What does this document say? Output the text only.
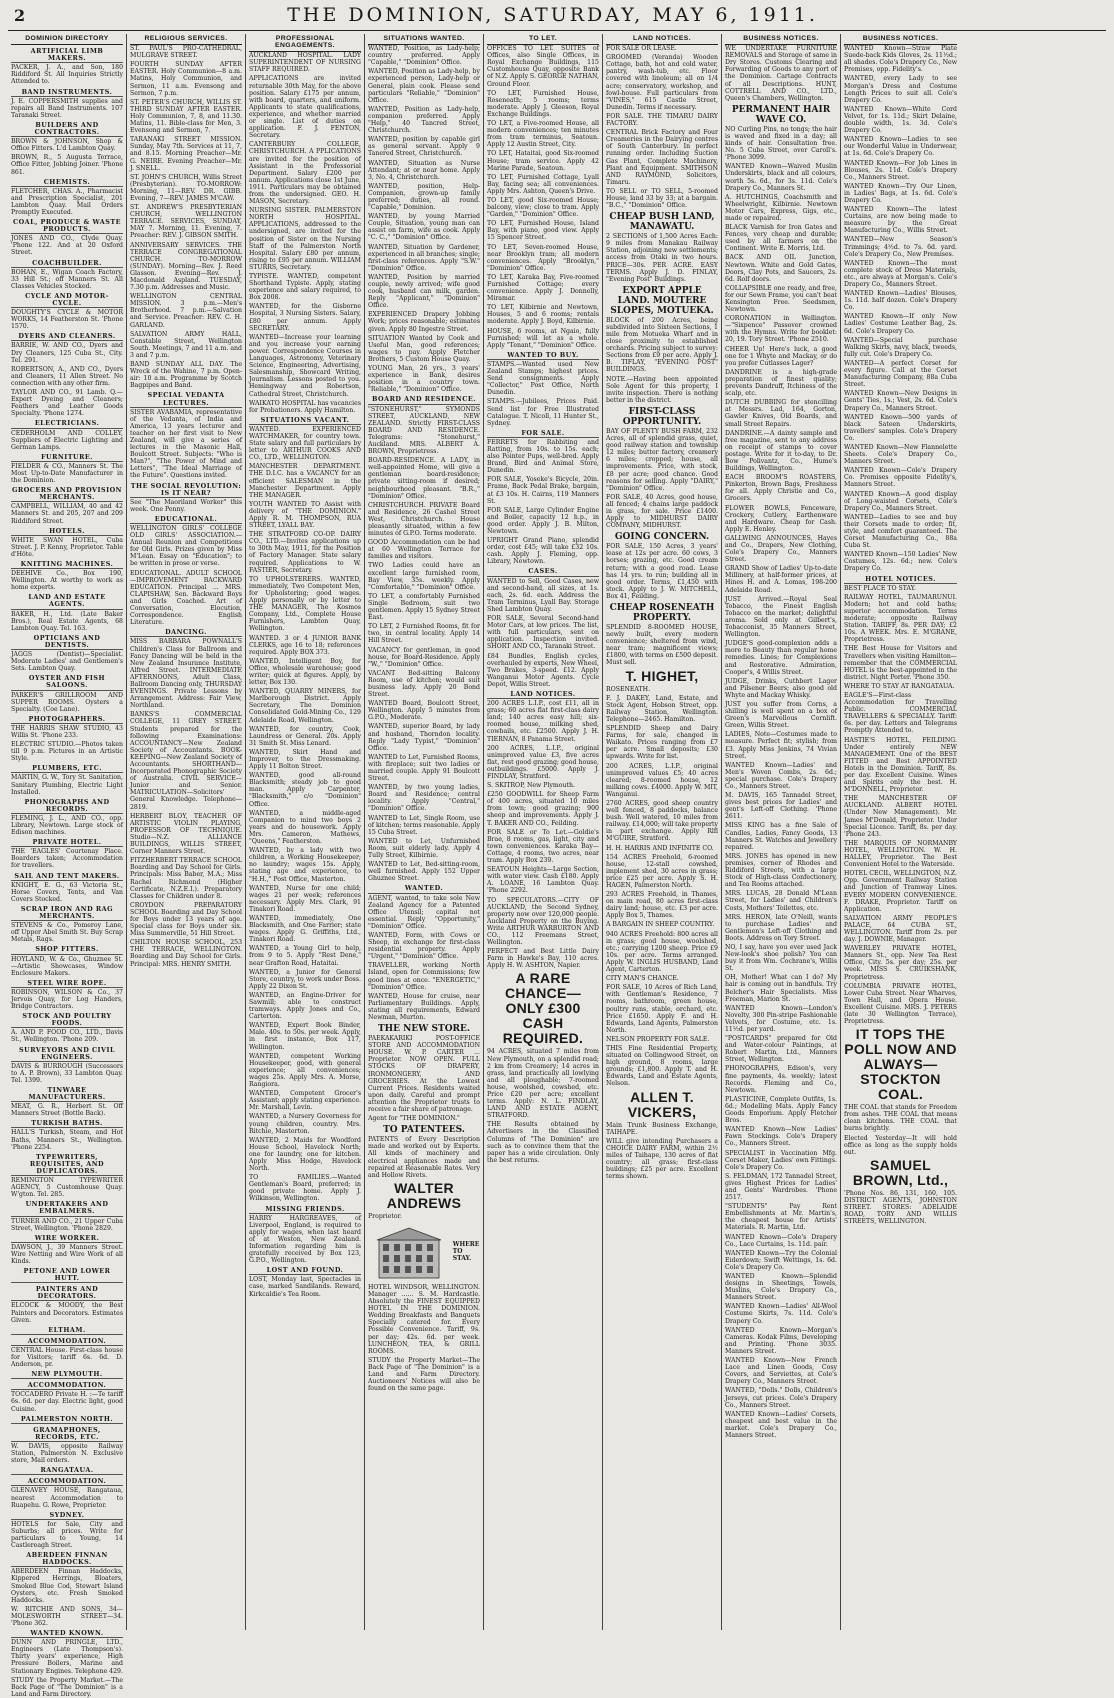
2	THE DOMINION, SATURDAY, MAY 6, 1911.
DOMINION DIRECTORY
ARTIFICIAL LIMB MAKERS.
PACKER, J. A., and Son, 180 Riddiford St. All Inquiries Strictly Attended to.
BAND INSTRUMENTS.
J. E. COPPERSMITH supplies and repairs all Band Instruments. 107 Taranaki Street.
BUILDERS AND CONTRACTORS.
BROWN & JOHNSON, Shop & Office Fitters. L'd Lambton Quay.
BROWN, R., 5 Augusta Terrace, Office Fitter, Jobbing Joiner. 'Phone 861.
CHEMISTS.
FLETCHER, CHAS. A., Pharmacist and Prescription Specialist, 201 Lambton Quay. Mail Orders Promptly Executed.
COAL, PRODUCE & WASTE PRODUCTS.
JONES AND CO., Clyde Quay. 'Phone 122. And at 20 Oxford Street.
COACHBUILDER.
BOHAN, E., Wigan Coach Factory, 33 Hill St.; off Manners St. All Classes Vehicles Stocked.
CYCLE AND MOTOR-CYCLE.
DOUGHTY'S CYCLE & MOTOR WORKS, 14 Featherston St. 'Phone 1570.
DYERS AND CLEANERS.
BARRIE, W. AND CO., Dyers and Dry Cleaners, 125 Cuba St., City. Tel. 291.
ROBERTSON, A., AND CO., Dyers and Cleaners, 11 Allen Street. No connection with any other firm.
TAYLOR AND CO., 91 Lamb. Q.—Expert Dyeing and Cleaners; Feathers and Leather Goods Specialty. 'Phone 1274.
ELECTRICIANS.
CEDERHOLM AND COLLEY, Suppliers of Electric Lighting and German Lamps.
FURNITURE.
FIELDER & CO., Manners St. The Most Up-to-Date Manufacturer in the Dominion.
GROCERS AND PROVISION MERCHANTS.
CAMPBELL, WILLIAM, 40 and 42 Manners St. and 205, 207 and 209 Riddiford Street.
HOTELS.
WHITE SWAN HOTEL, Cuba Street. J. P. Kenny, Proprietor. Table d'Hôte.
KNITTING MACHINES.
DEEHIVE Co., Box 190, Wellington. At worthy to work as home experts.
LAND AND ESTATE AGENTS.
BAKER, H., Ltd. (Late Baker Bros.), Real Estate Agents, 68 Lambton Quay. Tel. 163.
OPTICIANS AND DENTISTS.
JAGGS (Dentist)—Specialist. Moderate Ladies' and Gentlemen's Sets. Lambton Quay.
OYSTER AND FISH SALOONS.
PARKER'S GRILLROOM AND SUPPER ROOMS. Oysters a Specialty. (Coe Lane).
PHOTOGRAPHERS.
THE HARRIS SHAW STUDIO, 43 Willis St. 'Phone 233.
ELECTRIC STUDIO.—Photos taken till 9 p.m. Pictures in an Artistic Style.
PLUMBERS, ETC.
MARTIN, G. W., Tory St. Sanitation, Sanitary Plumbing, Electric Light Installed.
PHONOGRAPHS AND RECORDS.
FLEMING, J. L., AND CO., opp. Library, Newtown. Large stock of Edison machines.
PRIVATE HOTEL.
THE 'EAGLES' Courtenay Place. Boarders taken; Accommodation for travellers.
SAIL AND TENT MAKERS.
KNIGHT, E. G., 63 Victoria St., Horse Covers, Tents, and Van Covers Stocked.
SCRAP IRON AND RAG MERCHANTS.
STEVENS & Co., Pomeroy Lane, off Upper Abel Smith St. Buy Scrap Metals, Rags.
SHOP FITTERS.
HOYLAND, W. & Co., Ghuznee St.—Artistic Showcases, Window Enclosure Makers.
STEEL WIRE ROPE.
ROBINSON, WILSON & Co., 37 Jervois Quay, for Log Handers, Bridge Contractors.
STOCK AND POULTRY FOODS.
A. AND P. FOOD CO., LTD., Davis St., Wellington. 'Phone 209.
SURVEYORS AND CIVIL ENGINEERS.
DAVIS & BURROUGH (Successors to A. P. Brown), 33 Lambton Quay. Tel. 1399.
TINWARE MANUFACTURERS.
MEAT, G. R., Herbert St. Off Manners Street (Bottle Back).
TURKISH BATHS.
HALL'S Turkish, Steam, and Hot Baths, Manners St., Wellington. 'Phone 2254.
TYPEWRITERS, REQUISITES, AND DUPLICATORS.
REMINGTON TYPEWRITER AGENCY, 5 Customhouse Quay. W'gton. Tel. 285.
UNDERTAKERS AND EMBALMERS.
TURNER AND CO., 21 Upper Cuba Street, Wellington. 'Phone 2829.
WIRE WORKER.
DAWSON, J., 39 Manners Street. Wire Netting and Wire Work of all Kinds.
PETONE AND LOWER HUTT.
PAINTERS AND DECORATORS.
ELCOCK & MOODY, the Best Painters and Decorators. Estimates Given.
ELTHAM.
ACCOMMODATION.
CENTRAL House. First-class house for Visitors; tariff 6s. 6d. D. Anderson, pr.
NEW PLYMOUTH.
ACCOMMODATION.
TOCCADERO Private H. :—Te tariff 6s. 6d. per day. Electric light, good Cuisine.
PALMERSTON NORTH.
GRAMAPHONES, RECORDS, ETC.
W. DAVIS, opposite Railway Station, Palmerston N. Exclusive store, Mail orders.
RANGATAUA.
ACCOMMODATION.
GLENAVEY HOUSE, Rangataua, nearest Accommodation to Ruapehu. G. Rowe, Proprietor.
SYDNEY.
HOTELS for Sale, City and Suburbs; all prices. Write for particulars to Young, 14 Castlereagh Street.
ABERDEEN FINNAN HADDOCKS.
ABERDEEN Finnan Haddocks, Kippered Herrings, Bloaters, Smoked Blue Cod, Stewart Island Oysters, etc. Fresh Smoked Haddocks.
W. RITCHIE AND SONS, 34—MOLESWORTH STREET—34. 'Phone 362.
WANTED KNOWN.
DUNN AND PRINGLE, LTD., Engineers (Late Thompson's). Thirty years' experience, High Pressure Boilers, Marine and Stationary Engines. Telephone 429.
STUDY the Property Market.—The Back Page of "The Dominion" is a Land and Farm Directory.
RELIGIOUS SERVICES.
ST. PAUL'S PRO-CATHEDRAL, MULGRAVE STREET.
FOURTH SUNDAY AFTER EASTER. Holy Communion—8 a.m. Matins, Holy Communion, and Sermon, 11 a.m. Evensong and Sermon, 7 p.m.
ST. PETER'S CHURCH, WILLIS ST. THIRD SUNDAY AFTER EASTER. Holy Communion, 7, 8, and 11.30. Matins, 11. Bible-class for Men, 3. Evensong and Sermon, 7.
TARANAKI STREET MISSION. Sunday, May 7th. Services at 11, 7, and 8.15. Morning Preacher—Mr. G. NEIRE. Evening Preacher—Mr. J. SNELL.
ST. JOHN'S CHURCH, Willis Street (Presbyterian). TO-MORROW: Morning, 11—REV. DR. GIBB. Evening, 7—REV. JAMES M'CAW.
ST. ANDREW'S PRESBYTERIAN CHURCH, WELLINGTON TERRACE. SERVICES, SUNDAY, MAY 7. Morning, 11. Evening, 7. Preacher: REV. J. GIBSON SMITH.
ANNIVERSARY SERVICES. THE TERRACE CONGREGATIONAL CHURCH. TO-MORROW (SUNDAY). Morning—Rev. J. Reed Glasson. Evening—Rev. J. Macdonald Aspland. TUESDAY, 7.30 p.m. Addresses and Music.
WELLINGTON CENTRAL MISSION. 3 p.m.—Men's Brotherhood. 7 p.m.—Salvation and Service. Preacher: REV. C. H. GARLAND.
SALVATION ARMY HALL, Constable Street, Wellington South. Meetings, 7 and 11 a.m. and 3 and 7 p.m.
BAND SUNDAY ALL DAY. The Wreck of the Wahine, 7 p.m. Open-air: 10 a.m. Programme by Scotch Bagpipes and Band.
SPECIAL VEDANTA LECTURES.
SISTER AVABAMIA, representative of the Vedanta, of India and America, 13 years lecturer and teacher on her first visit to New Zealand, will give a series of lectures in the Masonic Hall, Boulcott Street. Subjects: "Who is Man?", "The Power of Mind and Letters", "The Ideal Marriage of the Future". Questions invited.
THE SOCIAL REVOLUTION: IS IT NEAR?
See "The Maoriland Worker" this week. One Penny.
EDUCATIONAL.
WELLINGTON GIRLS' COLLEGE OLD GIRLS' ASSOCIATION.—Annual Reunion and Competitions for Old Girls. Prizes given by Miss M'Lean. Essay on "Education"; to be written in prose or verse.
EDUCATIONAL. ADULT SCHOOL—IMPROVEMENT BACKWARD EDUCATION. Principal ... MRS. CLAPISHAW, Sen. Backward Boys and Girls Coached. Art of Conversation, Elocution, Correspondence. English Literature.
DANCING.
MISS BARBARA POWNALL'S Children's Class for Ballroom and Fancy Dancing will be held in the New Zealand Insurance Institute, Alfred Street. INTERMEDIATE AFTERNOONS, Adult Class, Ballroom Dancing only, THURSDAY EVENINGS. Private Lessons by Arrangement. Address: Fair View, Northland.
BANKS'S COMMERCIAL COLLEGE, 11 GREY STREET. Students prepared for the following Examinations: ACCOUNTANCY—New Zealand Society of Accountants. BOOK-KEEPING—New Zealand Society of Accountants. SHORTHAND—Incorporated Phonographic Society of Australia. CIVIL SERVICE—Junior and Senior. MATRICULATION—Solicitors' General Knowledge. Telephone—2819.
HERBERT BLOY, TEACHER OF ARTISTIC VIOLIN PLAYING, PROFESSOR OF TECHNIQUE. Studio—N.Z. ALLIANCE BUILDINGS, WILLIS STREET, Corner Manners Street.
FITZHERBERT TERRACE SCHOOL Boarding and Day School for Girls. Principals: Miss Baber, M.A.; Miss Rachel Richmond (Higher Certificate, N.Z.E.I.). Preparatory Classes for Children under 8.
CROYDON PREPARATORY SCHOOL Boarding and Day School for Boys under 13 years of age. Special class for Boys under six. Miss Summerville, 51 Hill Street.
CHILTON HOUSE SCHOOL, 253 THE TERRACE, WELLINGTON. Boarding and Day School for Girls. Principal: MRS. HENRY SMITH.
PROFESSIONAL ENGAGEMENTS.
AUCKLAND HOSPITAL. LADY SUPERINTENDENT OF NURSING STAFF REQUIRED.
APPLICATIONS are invited returnable 30th May, for the above position. Salary £175 per annum, with board, quarters, and uniform. Applicants to state qualifications, experience, and whether married or single. List of duties on application. F. J. FENTON, Secretary.
CANTERBURY COLLEGE, CHRISTCHURCH. A PPLICATIONS are invited for the position of Assistant in the Professorial Department. Salary £200 per annum. Applications close 1st June, 1911. Particulars may be obtained from the undersigned. GEO. H. MASON, Secretary.
NURSING SISTER. PALMERSTON NORTH HOSPITAL. APPLICATIONS, addressed to the undersigned, are invited for the position of Sister on the Nursing Staff of the Palmerston North Hospital. Salary £80 per annum, rising to £95 per annum. WILLIAM STURRS, Secretary.
TYPISTE. WANTED, competent Shorthand Typiste. Apply, stating experience and salary required, to Box 2008.
WANTED, for the Gisborne Hospital, 3 Nursing Sisters. Salary, £80 per annum. Apply SECRETARY.
WANTED—Increase your learning and you increase your earning power. Correspondence Courses in Languages, Astronomy, Veterinary Science, Engineering, Advertising, Salesmanship, Showcard Writing, Journalism. Lessons posted to you. Hemingway and Robertson, Cathedral Street, Christchurch.
WAIKATO HOSPITAL has vacancies for Probationers. Apply Hamilton.
SITUATIONS VACANT.
WANTED. EXPERIENCED WATCHMAKER, for country town. State salary and full particulars by letter to ARTHUR COOKS AND CO., LTD., WELLINGTON.
MANCHESTER DEPARTMENT. THE D.I.C. has a VACANCY for an efficient SALESMAN in the Manchester Department. Apply THE MANAGER.
YOUTH WANTED TO Assist with delivery of "THE DOMINION." Apply R. M. THOMPSON, RUA STREET, LYALL BAY.
THE STRATFORD CO-OP. DAIRY CO., LTD.—Invites applications up to 30th May, 1911, for the Position of Factory Manager. State salary required. Applications to W. FASTIER, Secretary.
TO UPHOLSTERERS. WANTED, immediately, Two Competent Men, for Upholstering; good wages. Apply personally or by letter to THE MANAGER, The Kosmos Company, Ltd., Complete House Furnishers, Lambton Quay, Wellington.
WANTED. 3 or 4 JUNIOR BANK CLERKS, age 16 to 18; references required. Apply BOX 373.
WANTED, Intelligent Boy, for Office, wholesale warehouse; good writer; quick at figures. Apply, by letter, Box 130.
WANTED, QUARRY MINERS, for Marlborough District. Apply Secretary, The Dominion Consolidated Gold-Mining Co., 129 Adelaide Road, Wellington.
WANTED, for country, Cook, Laundress or General. 20s. Apply 31 Smith St. Miss Lenard.
WANTED, Skirt Hand and Improver, to the Dressmaking. Apply 11 Bolton Street.
WANTED, good all-round Blacksmith; steady job to good man. Apply Carpenter, "Blacksmith," c/o "Dominion" Office.
WANTED, a middle-aged Companion to mind two boys 2 years and do housework. Apply Mrs. Cameron, Mathews, "Queens," Featherston.
WANTED, by a lady with two children, a Working Housekeeper; no laundry; wages 15s. Apply, stating age and experience, to "H.H.," Post Office, Masterton.
WANTED, Nurse for one child; wages 21 per week; references necessary. Apply Mrs. Clark, 91 Tinakori Road.
WANTED, immediately, One Blacksmith, and One Farrier; state wages. Apply G. Griffiths, Ltd., Tinakori Road.
WANTED, a Young Girl to help, from 9 to 5. Apply "Rest Dene," near Grafton Road, Hataitai.
WANTED, a Junior for General Store, country, to work under Boss. Apply 22 Dixon St.
WANTED, an Engine-Driver for Sawmill; able to construct tramways. Apply Jones and Co., Carterton.
WANTED, Expert Book Binder, Male. 40s. to 50s. per week. Apply, in first instance, Box 117, Wellington.
WANTED, competent Working Housekeeper, good, with general experience; all conveniences; wages 25s. Apply Mrs. A. Morse, Rangiora.
WANTED, Competent Grocer's Assistant; apply stating experience. Mr. Marshall, Levin.
WANTED, a Nursery Governess for young children, country. Mrs. Ritchie, Masterton.
WANTED, 2 Maids for Woodford House School, Havelock North; one for laundry, one for kitchen. Apply Miss Hodge, Havelock North.
TO FAMILIES.—Wanted Gentleman's Board, preferred; in good private home. Apply J. Wilkinson, Wellington.
MISSING FRIENDS.
HARRY HARGREAVES, of Liverpool, England, is required to apply for wages, when last heard of at Weston, New Zealand. Information regarding him is gratefully received by Box 123, G.P.O., Wellington.
LOST AND FOUND.
LOST, Monday last, Spectacles in case, marked Sandilands. Reward, Kirkcaldie's Tea Room.
SITUATIONS WANTED.
WANTED, Position, as Lady-help; country preferred. Apply "Capable," "Dominion" Office.
WANTED, Position as Lady-help, by experienced person, Lady-help or General, plain cook. Please send particulars "Reliable," "Dominion" Office.
WANTED, Position as Lady-help, companion preferred. Apply "Help," 40 Tancred Street, Christchurch.
WANTED, position by capable girl as general servant. Apply 9 Tanered Street, Christchurch.
WANTED, Situation as Nurse Attendant; at or near home. Apply 3, No. 4, Christchurch.
WANTED, position, Help-Companion, grown-up family preferred; duties, all round. "Capable," Dominion.
WANTED, by young Married Couple, Situation, young man can assist on farm, wife as cook. Apply "C. C.," "Dominion" Office.
WANTED, Situation by Gardener, experienced in all branches; single; first-class references. Apply "S.W." "Dominion" Office.
WANTED, Position by married couple, newly arrived; wife good cook, husband can milk, garden. Reply "Applicant," "Dominion" Office.
EXPERIENCED Drapery Jobbing Work; prices reasonable; estimates given. Apply 80 Ingestre Street.
SITUATION Wanted by Cook and Useful Man, good references; wages to pay. Apply Fletcher Brothers, 5 Custom House Quay.
YOUNG Man, 26 yrs., 3 years' experience in Bank, desires position in a country town. "Reliable," "Dominion" Office.
BOARD AND RESIDENCE.
"STONEHURST," SYMONDS STREET, AUCKLAND, NEW ZEALAND. Strictly FIRST-CLASS BOARD AND RESIDENCE. Telegrams: "Stonehurst," Auckland. MRS. ALBERT A. BROWN, Proprietress.
BOARD-RESIDENCE. A LADY, in well-appointed Home, will give a gentleman board-residence; private sitting-room if desired; neighbourhood pleasant. "B.R.," "Dominion" Office.
CHRISTCHURCH. PRIVATE Board and Residence, 26 Cashel Street West, Christchurch. House pleasantly situated, within a few minutes of G.P.O. Terms moderate.
GOOD Accommodation can be had at 60 Wellington Terrace for families and visitors.
TWO Ladies could have an excellent large furnished room, Bay View, 35s. weekly. Apply "Comfortable," "Dominion" Office.
TO LET, a comfortably Furnished Single Bedroom, suit two gentlemen. Apply 15 Sydney Street East.
TO LET, 2 Furnished Rooms, fit for two, in central locality. Apply 14 Hill Street.
VACANCY for gentleman, in good house, for Board-Residence. Apply "W.," "Dominion" Office.
VACANT Bed-sitting Balcony Room, use of kitchen; would suit business lady. Apply 20 Bond Street.
WANTED Board, Boulcott Street, Wellington. Apply 5 minutes from G.P.O., Moderate.
WANTED, superior Board, by lady and husband, Thorndon locality. Reply "Lady Typist," "Dominion" Office.
WANTED to Let, Furnished Rooms, with fireplace; suit two ladies or married couple. Apply 91 Boulcott Street.
WANTED, by two young ladies, Board and Residence; central locality. Apply "Central," "Dominion" Office.
WANTED to Let, Single Room, use of kitchen; terms reasonable. Apply 15 Cuba Street.
WANTED to Let, Unfurnished Room, suit elderly lady. Apply 4 Tully Street, Kilbirnie.
WANTED to Let, Bed-sitting-room, well furnished. Apply 152 Upper Ghuznee Street.
WANTED.
AGENT, wanted, to take sole New Zealand Agency for a Patented Office Utensil; capital not essential. Reply "Opportunity," "Dominion" Office.
WANTED, Form, with Cows or Sheep, in exchange for first-class residential property. Apply "Urgent," "Dominion" Office.
TRAVELLER, working North Island, open for Commissions; few good lines at once. "ENERGETIC," "Dominion" Office.
WANTED, House for cruise, near Parliamentary Buildings. Apply, stating all requirements, Edward Newman, Murton.
THE NEW STORE.
PAEKAKARIKI POST-OFFICE STORE AND ACCOMMODATION HOUSE. W. P. CARTER ... Proprietor. NOW OPEN. FULL STOCKS OF DRAPERY, IRONMONGERY, AND GROCERIES. At the Lowest Current Prices. Residents waited upon daily. Careful and prompt attention the Proprietor trusts to receive a fair share of patronage.
Agent for "THE DOMINION."
TO PATENTEES.
PATENTS of Every Description made and worked out by Experts. All kinds of machinery and electrical appliances made and repaired at Reasonable Rates. Very and Hollow Rivets.
WALTER ANDREWS
Proprietor.
WHERE TO STAY.
HOTEL WINDSOR, WELLINGTON. Manager ...... S. M. Hardcastle. Absolutely the FINEST EQUIPPED HOTEL IN THE DOMINION. Wedding Breakfasts and Banquets Specially catered for. Every Possible Convenience. Tariff, 9s. per day; 42s. 6d. per week. LUNCHEON, TEA, & GRILL ROOMS.
STUDY the Property Market—The Back Page of "The Dominion" is a Land and Farm Directory. Auctioneers' Notices will also be found on the same page.
TO LET.
OFFICES TO LET. SUITES of Offices, also Single Offices, in Royal Exchange Buildings, 115 Customhouse Quay, opposite Bank of N.Z. Apply S. GEORGE NATHAN, Ground Floor.
TO LET, Furnished House, Roseneath; 5 rooms; terms moderate. Apply J. Gleeson, Royal Exchange Buildings.
TO LET, a Five-roomed House, all modern conveniences; ten minutes from tram terminus, Seatoun. Apply 12 Austin Street, City.
TO LET, Hataitai, good Six-roomed House; tram service. Apply 42 Marine Parade, Seatoun.
TO LET, Furnished Cottage, Lyall Bay, facing sea; all conveniences. Apply Mrs. Ashton, Queen's Drive.
TO LET, good Six-roomed House; balcony, view; close to tram. Apply "Garden," "Dominion" Office.
TO LET, Furnished House, Island Bay, with piano, good view. Apply 15 Spencer Street.
TO LET, Seven-roomed House, near Brooklyn tram; all modern conveniences. Apply "Brooklyn," "Dominion" Office.
TO LET, Karaka Bay, Five-roomed Furnished Cottage; every convenience. Apply J. Donnelly, Miramar.
TO LET, Kilbirnie and Newtown, Houses, 5 and 6 rooms; rentals moderate. Apply J. Boyd, Kilbirnie.
HOUSE, 6 rooms, at Ngaio, fully Furnished; will let as a whole. Apply "Tenant," "Dominion" Office.
WANTED TO BUY.
STAMPS.—Wanted used New Zealand Stamps; highest prices. Send consignments. Apply "Collector," Post Office, North Dunedin.
STAMPS.—Jubilees, Prices Paid. Send list for Free Illustrated Catalogue. T. Nicoll, 11 Hunter St., Sydney.
FOR SALE.
FERRETS for Rabbiting and Ratting, from 10s. to 15s. each; also Pointer Pups, well-bred. Apply Brand, Bird and Animal Store, Dunedin.
FOR SALE, Yoseke's Bicycle, 20in. Frame, Back Pedal Brake, bargain, at £3 10s. H. Cairns, 119 Manners St.
FOR SALE, Large Cylinder Engine and Boiler, capacity 12 h.p., in good order. Apply J. B. Milton, Newtown.
UPRIGHT Grand Piano, splendid order, cost £45; will take £32 10s. cash. Apply J. Fleming, opp. Library, Newtown.
CASES.
WANTED to Sell, Good Cases, new and second-hand, all sizes, at 1s. each, 2s. 6d. each. Address the Tram Terminus, Lyall Bay. Storage Shed Lambton Quay.
FOR SALE, Several Second-hand Motor Cars, at low prices. The list, with full particulars, sent on application. Inspection invited. SHORT AND CO., Taranaki Street.
£84 Bundles, English cycles, overhauled by experts, New Wheel, Two Brakes, 3-speed. £12. Apply Wanganui Motor Agents. Cycle Depot, Willis Street.
LAND NOTICES.
200 ACRES L.I.P., cost £11, all in grass; 60 acres flat first-class dairy land; 140 acres easy hill; six-roomed house, milking shed, cowbails, etc. £2500. Apply J. H. TIERNAN, 8 Panama Street.
200 ACRES, L.I.P., original unimproved value £3, five acres flat, rest good grazing; good house, outbuildings. £5000. Apply J. FINDLAY, Stratford.
S. SKITROP, New Plymouth.
£250 GOODWILL for Sheep Farm of 400 acres, situated 10 miles from town; good grazing; 900 sheep and improvements. Apply J. T. BAKER AND CO., Feilding.
FOR SALE or To Let.—Goldie's Brae, 8 rooms, gas, light, city and town conveniences. Karaka Bay—Cottage, 4 rooms, two acres, near tram. Apply Box 239.
SEATOUN Heights—Large Section, with water view. Cash £180. Apply A. LOANE, 16 Lambton Quay. 'Phone 2292.
TO SPECULATORS.—CITY OF AUCKLAND, the Second Sydney, property now over 120,000 people. Auckland Property on the Buying. Write ARTHUR WARBURTON AND CO., 112 Freemans Street, Wellington.
PERFECT and Best Little Dairy Farm in Hawke's Bay, 110 acres. Apply H. W. ASHTON, Napier.
A RARE CHANCE—ONLY £300 CASH REQUIRED.
94 ACRES, situated 7 miles from New Plymouth, on a splendid road; 2 km from Creamery; 14 acres in grass, land practically all lowlying and all ploughable; 7-roomed house, woolshed, cowshed, etc. Price £20 per acre; excellent terms. Apply: N. L. FINDLAY, LAND AND ESTATE AGENT, STRATFORD.
THE Results obtained by Advertisers in the Classified Columns of "The Dominion" are such as to convince them that the paper has a wide circulation. Only the best returns.
LAND NOTICES.
FOR SALE OR LEASE.
GROOMED (Veranda) Wooden Cottage, bath, hot and cold water, pantry, wash-tub, etc. Floor covered with linoleum; all on 1/4 acre; conservatory, workshop, and fowl-house. Full particulars from "VINES," 615 Castle Street, Dunedin. Terms if necessary.
FOR SALE. THE TIMARU DAIRY FACTORY.
CENTRAL Brick Factory and Four Creameries in the Dairying centres of South Canterbury. In perfect running order. Including Suction Gas Plant, Complete Machinery, Plant and Equipment. SMITHSON AND RAYMOND, Solicitors, Timaru.
TO SELL or TO SELL, 5-roomed House, land 33 by 33; at a bargain. "B.C.," "Dominion" Office.
CHEAP BUSH LAND, MANAWATU.
2 SECTIONS of 1,500 Acres Each: 9 miles from Manakau Railway Station, adjoining new settlements; access from Otaki in two hours. PRICE—30s. PER ACRE. EASY TERMS. Apply J. D. FINLAY, "Evening Post" Buildings.
EXPORT APPLE LAND. MOUTERE SLOPES, MOTUEKA.
BLOCK of 200 Acres, being subdivided into Sixteen Sections, 1 mile from Motueka Wharf and in close proximity to established orchards. Pricing subject to survey: Sections from £9 per acre. Apply J. B. TIFLAY, "EVENING POST" BUILDINGS.
NOTE.—Having been appointed Sole Agent for this property, I invite inspection. There is nothing better in the district.
FIRST-CLASS OPPORTUNITY.
BAY OF PLENTY BUSH FARM, 232 Acres, all of splendid grass, quiet, good railway station and township 12 miles; butter factory, creamery 6 miles; cropped; house, all improvements. Price, with stock, £8 per acre; good chance. Good reasons for selling. Apply "DAIRY," "Dominion" Office.
FOR SALE, 40 Acres, good house, all fenced; 4 chains large paddock in grass, for sale. Price £1400. Apply to MIDHURST DAIRY COMPANY, MIDHURST.
GOING CONCERN.
FOR SALE, 150 Acres, 3 years' lease at 12s per acre. 60 cows, 3 horses; grazing, etc. Good cream return; with a good road. Lease has 14 yrs. to run; building all in good order. Terms, £1,450 with stock. Apply to J. W. MITCHELL, Box 41, Feilding.
CHEAP ROSENEATH PROPERTY.
SPLENDID 8-ROOMED HOUSE, newly built, every modern convenience; sheltered from wind, near tram; magnificent views; £1800, with terms on £500 deposit. Must sell.
T. HIGHET,
ROSENEATH.
F. J. DAKEY, Land, Estate, and Stock Agent, Hobson Street, opp. Railway Station, Wellington. Telephone—2465. Hamilton.
SPLENDID Sheep and Dairy Farms, for sale, changed in Waikato. Prices ranging from £7 per acre. Small deposits; £30 upwards. Write for list.
200 ACRES, L.I.P., original unimproved values £5; 40 acres cleared; 8-roomed house, 12 milking cows. £4000. Apply W. MIT, Wanganui.
2760 ACRES, good sheep country well fenced, 8 paddocks, balance bush. Well watered, 10 miles from railway. £14,000; will take property in part exchange. Apply Rlfl M'GUIRE, Stratford.
H. H. HARRIS AND INFINITE CO.
154 ACRES Freehold, 6-roomed house, 12-stall cowshed, implement shed, 30 acres in grass; price £25 per acre. Apply S. H. HAGEN, Palmerston North.
293 ACRES Freehold, in Thames, on main road, 80 acres first-class dairy land; house, etc. £3 per acre. Apply Box 5, Thames.
A BARGAIN IN SHEEP COUNTRY.
940 ACRES Freehold: 800 acres all in grass; good house, woolshed, etc.; carrying 1200 sheep. Price £9 10s. per acre. Terms arranged. Apply W. INGLIS HUSBAND, Land Agent, Carterton.
CITY MAN'S CHANCE.
FOR SALE, 10 Acres of Rich Land, with Gentleman's Residence, 7 rooms, bathroom, green house, poultry runs, stable, orchard, etc. Price £1650. Apply F. and H. Edwards, Land Agents, Palmerston North.
NELSON PROPERTY FOR SALE.
THIS Fine Residential Property, situated on Collingwood Street, on high ground, 8 rooms, large grounds; £1,800. Apply T. and H. Edwards, Land and Estate Agents, Nelson.
ALLEN T. VICKERS,
Main Trunk Business Exchange, TAIHAPE.
WILL give intending Purchasers a CHOICE DAIRY FARM, within 2½ miles of Taihape, 130 acres of flat country; all grass; first-class buildings; £25 per acre. Excellent terms shown.
BUSINESS NOTICES.
WE UNDERTAKE FURNITURE REMOVALS and Storage of same in Dry Stores. Customs Clearing and Forwarding of Goods to any port of the Dominion. Cartage Contracts of all Descriptions. HUNT, COTTRELL AND CO., LTD., Queen's Chambers, Wellington.
PERMANENT HAIR WAVE CO.
NO Curling Pins, no tongs; the hair is waved and fixed in a day; all kinds of hair. Consultation free. No. 5 Cuba Street, over Caroll's. 'Phone 3099.
WANTED Known—Waived Muslin Underskirts, black and all colours, worth 5s. 6d., for 3s. 11d. Cole's Drapery Co., Manners St.
A. HUTCHINGS, Coachsmith and Wheelwright, Kilbirnie. Newtown Motor Cars, Express, Gigs, etc., made or repaired.
BLACK Varnish for Iron Gates and Fences, very cheap and durable; used by all farmers on the Continent. Write E. Morris, Ltd.
BACK AND OIL Junction, Newtown. White and Gold Gates, Doors, Clay Pots, and Saucers, 2s. 6d. Rolf doors.
COLLAPSIBLE one ready, and free, for our Sewn Frame, you can't beat Kensington Free. Seedsmen, Newtown.
CORONATION in Wellington.—"Sixpence" Passover crowned with the Hymns. Write for booklet: 20, 19. Tory Street. 'Phone 2510.
CHEER Up! Here's luck, a good one for 1 Whyte and Mackay, or do you prefer Cutlasses Lager?
DANDRINE is a high-grade preparation of finest quality; prevents Dandruff, Itchiness of the scalp, etc.
DUTCH DUBBING for stencilling at Messrs. Lad, 164, Gorton, Gawler Knives, Old Boards, and small Street Repairs.
DANDRINE.—A dainty sample and free magazine, sent to any address on receipt of stamps to cover postage. Write for it to-day, to Dr. Bow Polivantz, Co., Hume's Buildings, Wellington.
EACH BROOM'S ROASTERS, Pinkerton, Brown Bags, Freshness for all. Apply Christie and Co., Grocers.
FLOWER BOWLS, Fenceware, Crockery, Cutlery, Earthenware and Hardware. Cheap for Cash. Apply E. Henley.
GALLWING ANNOUNCES, Hayes and Co., Drapers, New Clothing, Cole's Drapery Co., Manners Street.
GRAND Show of Ladies' Up-to-date Millinery, at half-former prices, at Hines H. and A. Lomas, 198-200 Adelaide Road.
JUST Arrived.—Royal Seal Tobacco, the Finest English Tobacco on the market; delightful aroma. Sold only at Gilbert's, Tobacconist, 35 Manners Street, Wellington.
JUDGE'S good-complexion adds a more to Beauty than regular home remedies. Lines; for Complexions and Restorative. Admiration, Cooper's, 4 Willis Street.
JUDGE, Drinks, Cuthbert Lager and Pilsener Beers; also good old Whyte and Mackay Whisky.
JUST you suffer from Corns, a shilling is well spent on a box of Green's Marvellous Cornlift. Green, Willis Street.
LADIES, Note—Costumes made to measure. Perfect fit; stylish; from £3. Apply Miss Jenkins, 74 Vivian Street.
WANTED Known—Ladies' and Men's Woven Combs, 2s. 6d.; special purchase. Cole's Drapery Co., Manners Street.
M. DAVIS, 165 Tannadel Street, gives best prices for Ladies' and gent's Left-off Clothing. 'Phone 2611.
MISS KING has a fine Sale of Candles, Ladies, Fancy Goods, 13 Manners St. Watches and Jewellery repaired.
MRS. JONES has opened in new premises, corner of Rhodes and Riddiford Streets, with a large Stock of High-class Confectionery, and Tea Rooms attached.
MRS. LUCAS, 28 Donald M'Lean Street, for Ladies' and Children's Costs, Mothers' Toilettes, etc.
MRS. HERON, late O'Neill, wants to purchase Ladies' and Gentlemen's Left-off Clothing and Boots. Address on Tory Street.
NO, I say, have you ever used Jack New-look's shoe polish? You can buy it from Wm. Cochrane's, Willis St.
OH, Mother! What can I do? My hair is coming out in handfuls. Try Belcher's Hair Specialists. Miss Freeman, Marion St.
WANTED Known—London's Novelty, 300 Pin-stripe Fashionable Velvets, for Costume, etc. 1s. 11½d. per yard.
"POSTCARDS" prepared for Old and Water-colour Paintings, at Robert Martin, Ltd., Manners Street, Wellington.
PHONOGRAPHS, Edison's, very fine payments, 4s. weekly; latest Records. Fleming and Co., Newtown.
PLASTICINE, Complete Outfits, 1s. 6d.; Modelling Mats. Apply Fancy Goods Emporium. Apply Fletcher Bros.
WANTED Known—New Ladies' Fawn Stockings. Cole's Drapery Co., Manners Street.
SPECIALIST in Vaccination Mfg. Corset Maker, Ladies' own Fittings. Cole's Drapery Co.
S. FELDMAN, 172 Tannadel Street, gives Highest Prices for Ladies' and Gents' Wardrobes. 'Phone 2517.
"STUDENTS" Pay Rent Embellishments at Mr. Martin's, the cheapest house for Artists' Materials. R. Martin, Ltd.
WANTED Known—Cole's Drapery Co., Lace Curtains, 1s. 11d. pair.
WANTED Known—Try the Colonial Eiderdown; Swift Wettings, 1s. 6d. Cole's Drapery Co.
WANTED Known—Splendid designs in Sheetings, Towels, Muslins, Cole's Drapery Co., Manners Street.
WANTED Known—Ladies' All-Wool Costume Skirts, 7s. 11d. Cole's Drapery Co.
WANTED Known—Morgan's Cameras. Kodak Films, Developing and Printing. 'Phone 3035. Manners Street.
WANTED Known—New French Lace and Linen Goods, Cosy Covers, and Serviettes, at Cole's Drapery Co., Manners Street.
WANTED, "Dolls." Dolls, Children's Jerseys, cut prices. Cole's Drapery Co., Manners Street.
WANTED Known—Ladies' Corsets, cheapest and best value in the market. Cole's Drapery Co., Manners Street.
BUSINESS NOTICES.
WANTED Known—Straw Plate Suede-back Kids Gloves, 2s. 11½d.; all shades. Cole's Drapery Co., New Premises, opp. Fidelity's.
WANTED, every Lady to see Morgan's Dress and Costume Length Prices to suit all. Cole's Drapery Co.
WANTED Known—White Cord Velvet, for 1s. 11d.; Skirt Delaine, double width, 1s. 3d. Cole's Drapery Co.
WANTED Known—Ladies to see our Wonderful Value in Underwear, at 1s. 6d. Cole's Drapery Co.
WANTED Known—For Job Lines in Blouses, 2s. 11d. Cole's Drapery Co., Manners Street.
WANTED Known—Try Our Linen, in Ladies' Bags, at 1s. 6d. Cole's Drapery Co.
WANTED Known—The latest Curtains, are now being made to measure by the Great Manufacturing Co., Willis Street.
WANTED—New Season's Trimmings; 4½d. to 7s. 6d. yard. Cole's Drapery Co., New Premises.
WANTED Known—The most complete stock of Dress Materials, etc., are always at Morgan's. Cole's Drapery Co., Manners Street.
WANTED Known—Ladies' Blouses, 1s. 11d. half dozen. Cole's Drapery Co.
WANTED Known—If only New Ladies' Costume Leather Bag, 2s. 6d. Cole's Drapery Co.
WANTED—Special purchase Walking Skirts, navy, black, tweeds, fully cut. Cole's Drapery Co.
WANTED—A perfect Corset for every figure. Call at the Corset Manufacturing Company, 88a Cuba Street.
WANTED Known—New Designs in Gents' Ties, 1s.; Vest, 2s. 6d. Cole's Drapery Co., Manners Street.
WANTED Known—500 yards of black Sateen Underskirts, travellers' samples. Cole's Drapery Co.
WANTED Known—New Flannelette Sheets. Cole's Drapery Co., Manners Street.
WANTED Known—Cole's Drapery Co. Premises opposite Fidelity's, Manners Street.
WANTED Known—A good display of Long-waisted Corsets, Cole's Drapery Co., Manners Street.
WANTED—Ladies to see and buy their Corsets made to order; fit, style, and comfort guaranteed. The Corset Manufacturing Co., 88a Cuba St.
WANTED Known—150 Ladies' New Costumes, 12s. 6d.; new. Cole's Drapery Co.
HOTEL NOTICES.
BEST PLACE TO STAY.
RAILWAY HOTEL, TAUMARUNUI. Modern; hot and cold baths; superior accommodation. Terms moderate; opposite Railway Station. TARIFF, 8s. PER DAY; £2 10s. A WEEK. Mrs. E. M'GRANE, Proprietress.
THE Best House for Visitors and Travellers when visiting Hamilton—remember that the COMMERCIAL HOTEL is the best-appointed in the district. Night Porter. 'Phone 350.
WHERE TO STAY AT RANGATAUA.
EAGLE'S—First-class Accommodation for Travelling Public. COMMERCIAL TRAVELLERS & SPECIALLY. Tariff: 6s. per day. Letters and Telegrams Promptly Attended to.
HASTIE'S HOTEL, FEILDING. Under entirely NEW MANAGEMENT. One of the BEST FITTED and Best APPOINTED Hotels in the Dominion. Tariff, 8s. per day. Excellent Cuisine. Wines and Spirits only the best. H. M'DONNELL, Proprietor.
THE MANCHESTER OF AUCKLAND. ALBERT HOTEL (Under New Management). Mr. James M'Donald, Proprietor. Under Special Licence. Tariff, 8s. per day. 'Phone 243.
THE MARQUIS OF NORMANBY HOTEL, WELLINGTON. W. H. HALLEY, Proprietor. The Best Convenient Hotel to the Waterside.
HOTEL CECIL, WELLINGTON, N.Z. Opp. Government Railway Station and Junction of Tramway Lines. EVERY MODERN CONVENIENCE. F. DRAKE, Proprietor. Tariff on Application.
SALVATION ARMY PEOPLE'S PALACE, 64 CUBA ST., WELLINGTON. Tariff from 2s. per day. J. DOWNIE, Manager.
WAVERLEY PRIVATE HOTEL, Manners St., opp. New Tea Rest Office, City. 5s. per day; 25s. per week. MISS S. CRUIKSHANK, Proprietress.
COLUMBIA PRIVATE HOTEL, Lower Cuba Street. Near Wharves, Town Hall, and Opera House. Excellent Cuisine. MRS. J. PETERS (late 30 Wellington Terrace), Proprietress.
IT TOPS THE POLL NOW AND ALWAYS— STOCKTON COAL.
THE COAL that stands for Freedom from ashes. THE COAL that means clean kitchens. THE COAL that burns brightly.
Elected Yesterday—It will hold office as long as the supply holds out.
SAMUEL BROWN, Ltd.,
'Phone Nos. 86, 131, 160, 105. DISTRICT AGENTS, JOHNSTON STREET. STORES: ADELAIDE ROAD, TORY AND WILLIS STREETS, WELLINGTON.
